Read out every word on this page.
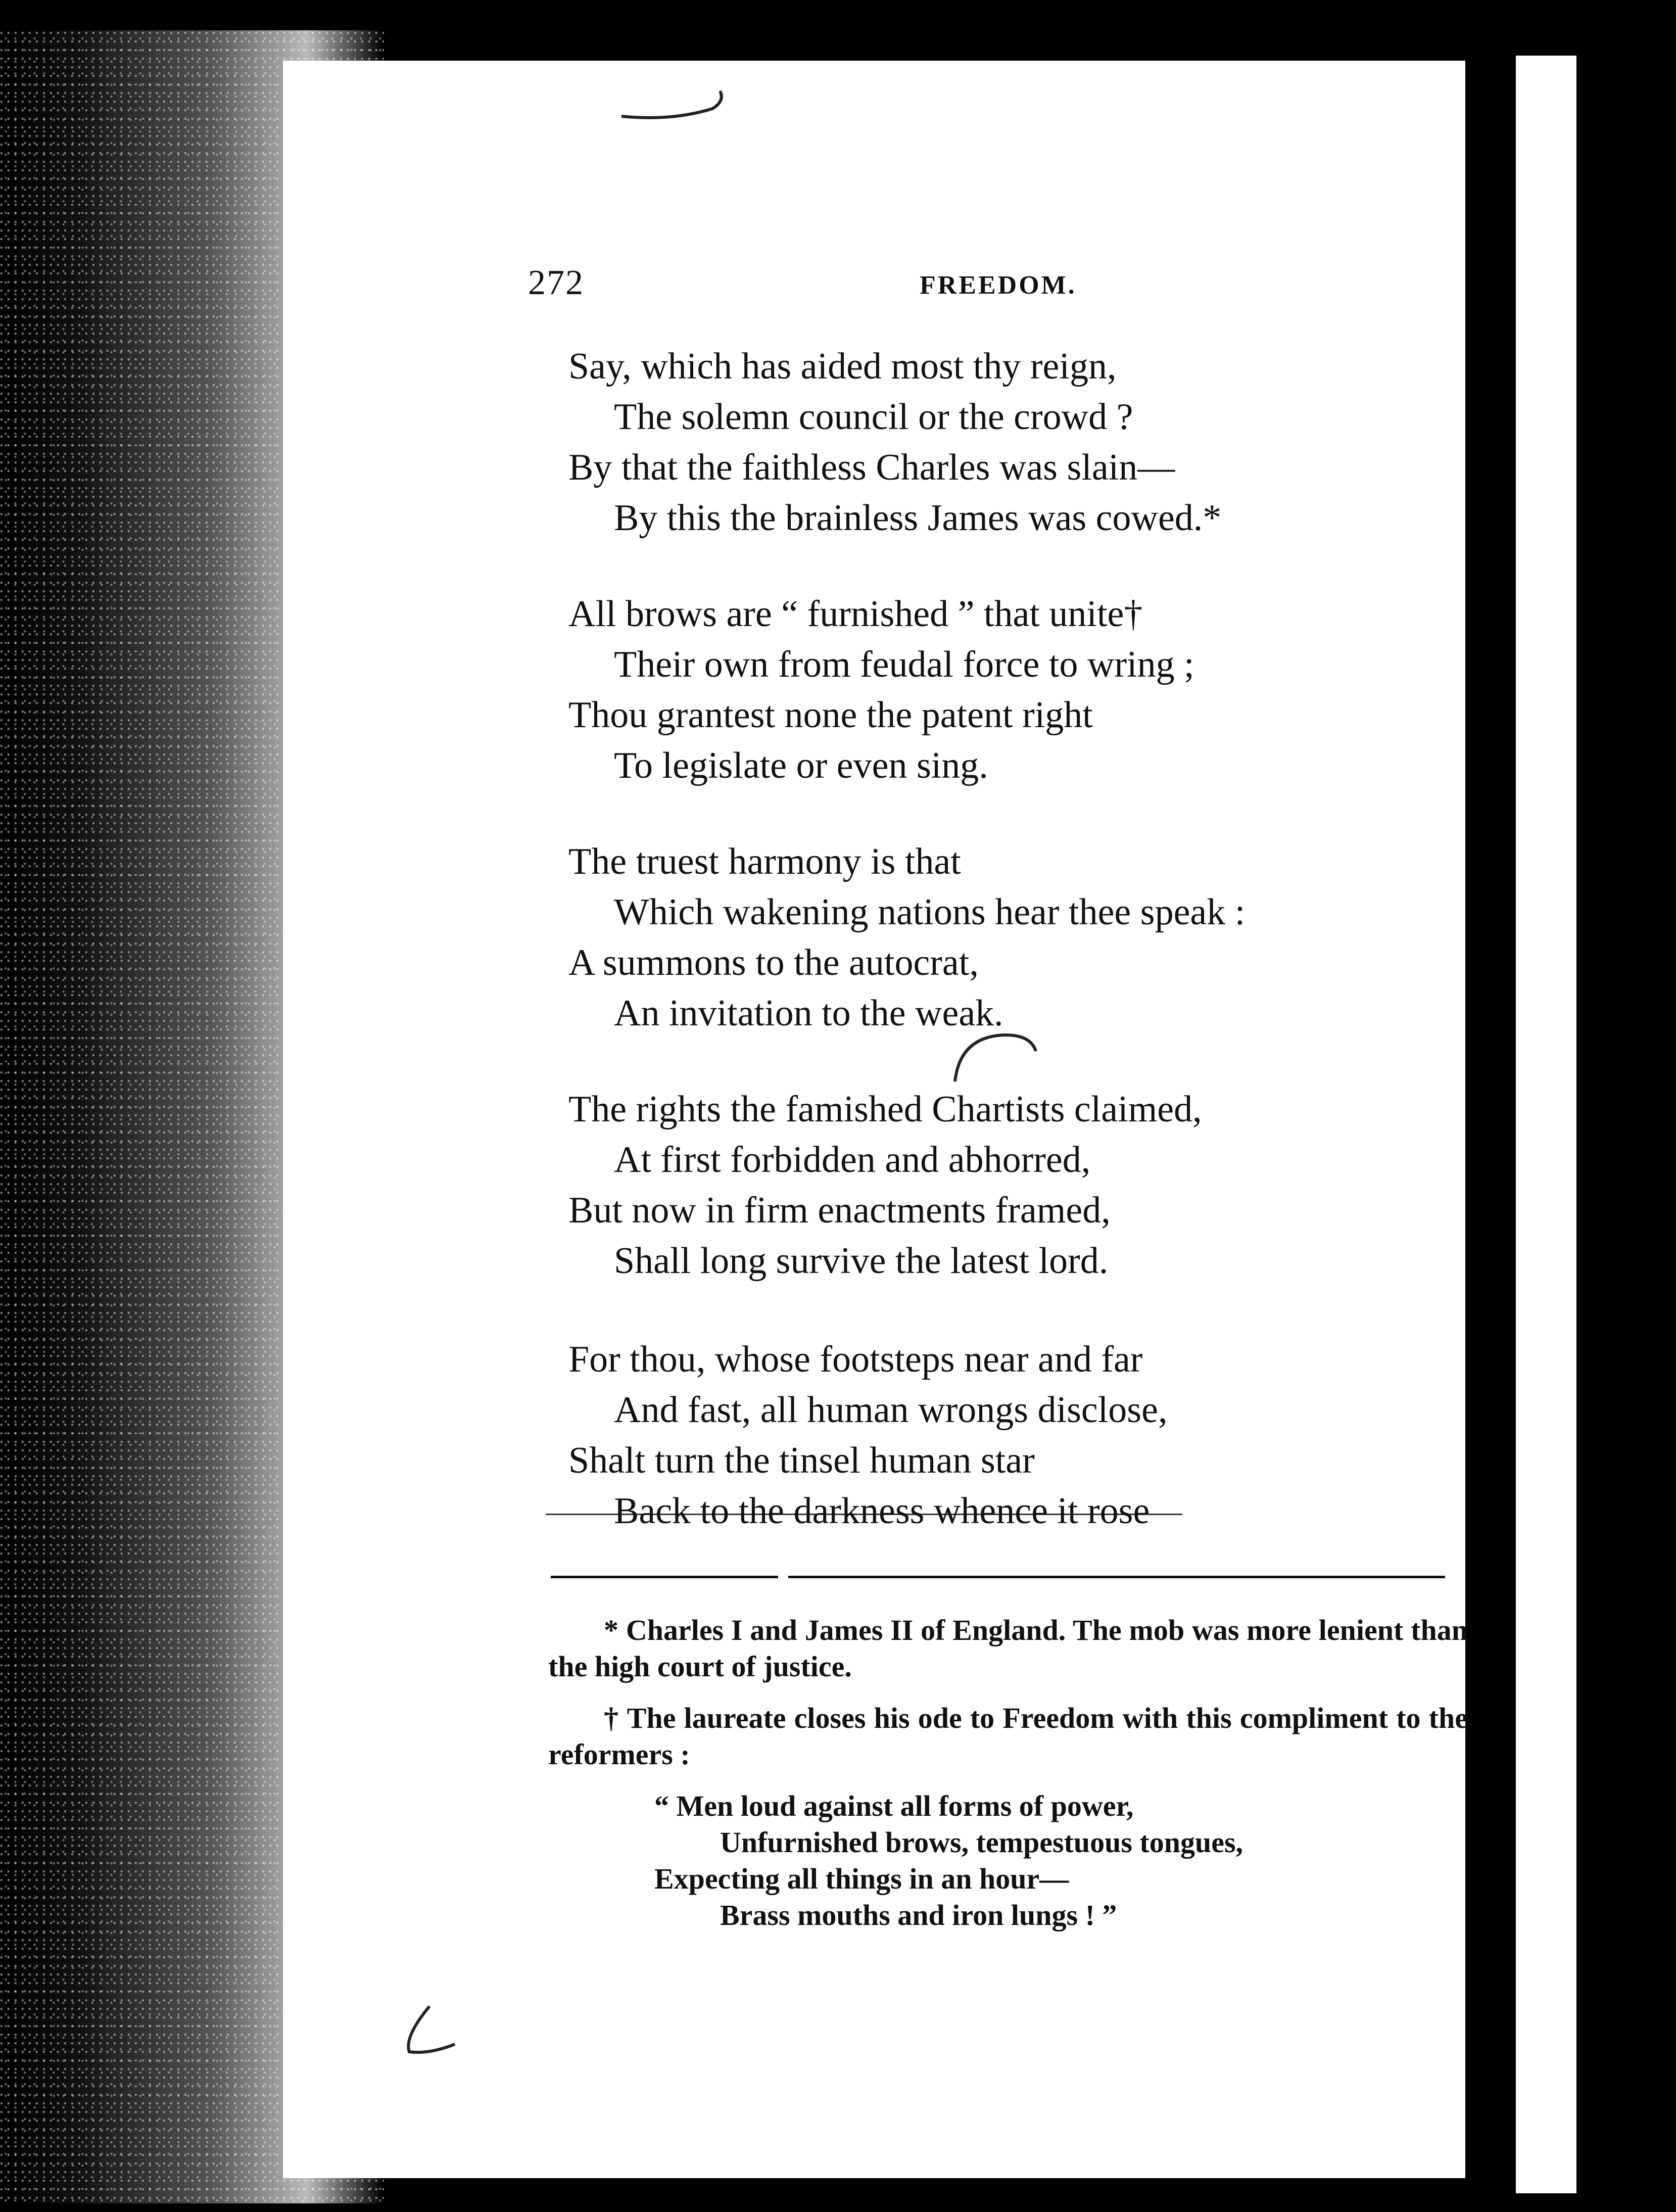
272	FREEDOM.
Say, which has aided most thy reign,
The solemn council or the crowd ?
By that the faithless Charles was slain—
By this the brainless James was cowed.*
All brows are “ furnished ” that unite†
Their own from feudal force to wring ;
Thou grantest none the patent right
To legislate or even sing.
The truest harmony is that
Which wakening nations hear thee speak :
A summons to the autocrat,
An invitation to the weak.
The rights the famished Chartists claimed,
At first forbidden and abhorred,
But now in firm enactments framed,
Shall long survive the latest lord.
For thou, whose footsteps near and far
And fast, all human wrongs disclose,
Shalt turn the tinsel human star
Back to the darkness whence it rose
* Charles I and James II of England. The mob was more lenient than the high court of justice.
† The laureate closes his ode to Freedom with this compliment to the reformers :
“ Men loud against all forms of power,
Unfurnished brows, tempestuous tongues,
Expecting all things in an hour—
Brass mouths and iron lungs ! ”
